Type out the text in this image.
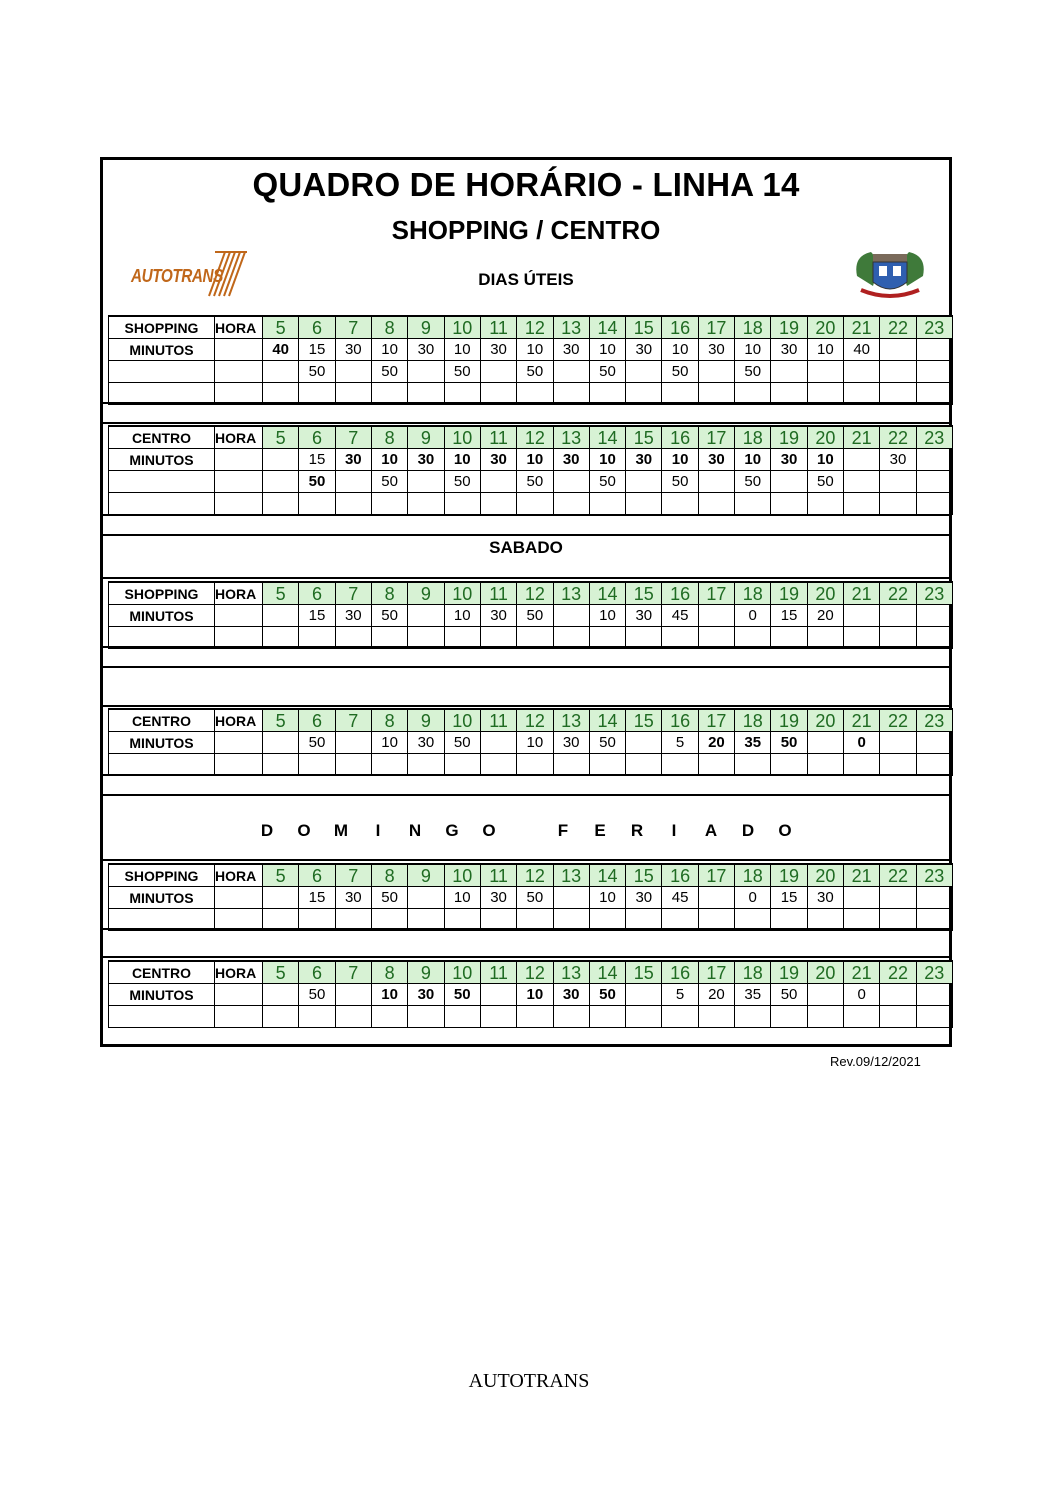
QUADRO DE HORÁRIO - LINHA 14
SHOPPING / CENTRO
AUTOTRANS	DIAS ÚTEIS
SHOPPING	HORA	5	6	7	8	9	10	11	12	13	14	15	16	17	18	19	20	21	22	23
MINUTOS		40	15	30	10	30	10	30	10	30	10	30	10	30	10	30	10	40		
			50		50		50		50		50		50		50					

CENTRO	HORA	5	6	7	8	9	10	11	12	13	14	15	16	17	18	19	20	21	22	23
MINUTOS			15	30	10	30	10	30	10	30	10	30	10	30	10	30	10		30	
			50		50		50		50		50		50		50		50			

SABADO
SHOPPING	HORA	5	6	7	8	9	10	11	12	13	14	15	16	17	18	19	20	21	22	23
MINUTOS			15	30	50		10	30	50		10	30	45		0	15	20			

CENTRO	HORA	5	6	7	8	9	10	11	12	13	14	15	16	17	18	19	20	21	22	23
MINUTOS			50		10	30	50		10	30	50		5	20	35	50		0		

D O M I N G O	F E R I A D O
SHOPPING	HORA	5	6	7	8	9	10	11	12	13	14	15	16	17	18	19	20	21	22	23
MINUTOS			15	30	50		10	30	50		10	30	45		0	15	30			

CENTRO	HORA	5	6	7	8	9	10	11	12	13	14	15	16	17	18	19	20	21	22	23
MINUTOS			50		10	30	50		10	30	50		5	20	35	50		0		

Rev.09/12/2021
AUTOTRANS
